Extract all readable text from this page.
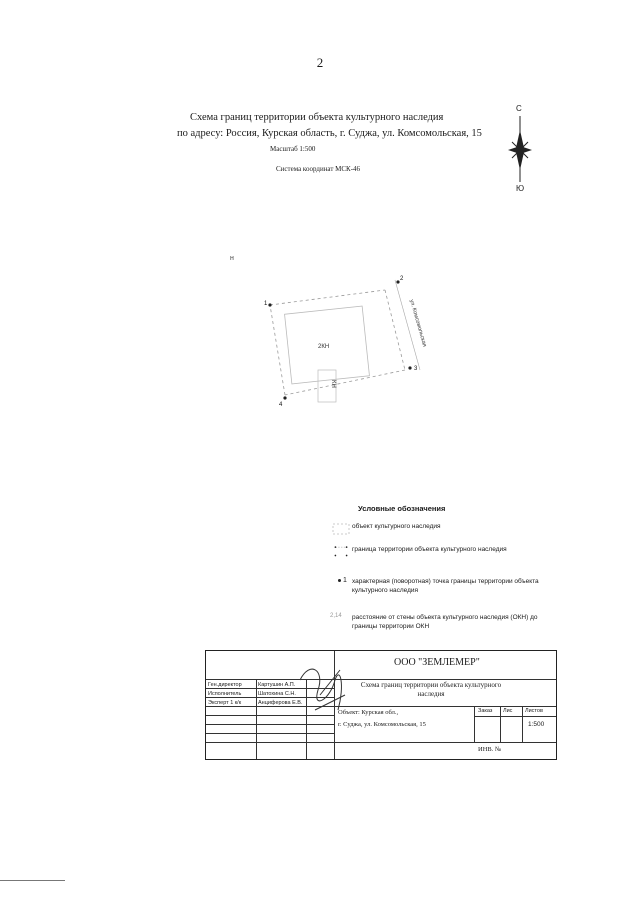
2
Схема границ территории объекта культурного наследия
по адресу: Россия, Курская область, г. Суджа, ул. Комсомольская, 15
Масштаб 1:500
Система координат МСК-46
С
Ю
н
ул. Комсомольская
2КН
КН
1
2
3
4
Условные обозначения
объект культурного наследия
граница территории объекта культурного наследия
1 характерная (поворотная) точка границы территории объекта культурного наследия
2,14	расстояние от стены объекта культурного наследия (ОКН) до границы территории ОКН
ООО "ЗЕМЛЕМЕР"
Ген.директор
Исполнитель
Эксперт 1 к/к
Картушин А.П.
Шатохина С.Н.
Анциферова Е.В.
Схема границ территории объекта культурного наследия
Объект: Курская обл.,
г. Суджа, ул. Комсомольская, 15
Заказ Лис Листов
1:500
ИНВ. №
